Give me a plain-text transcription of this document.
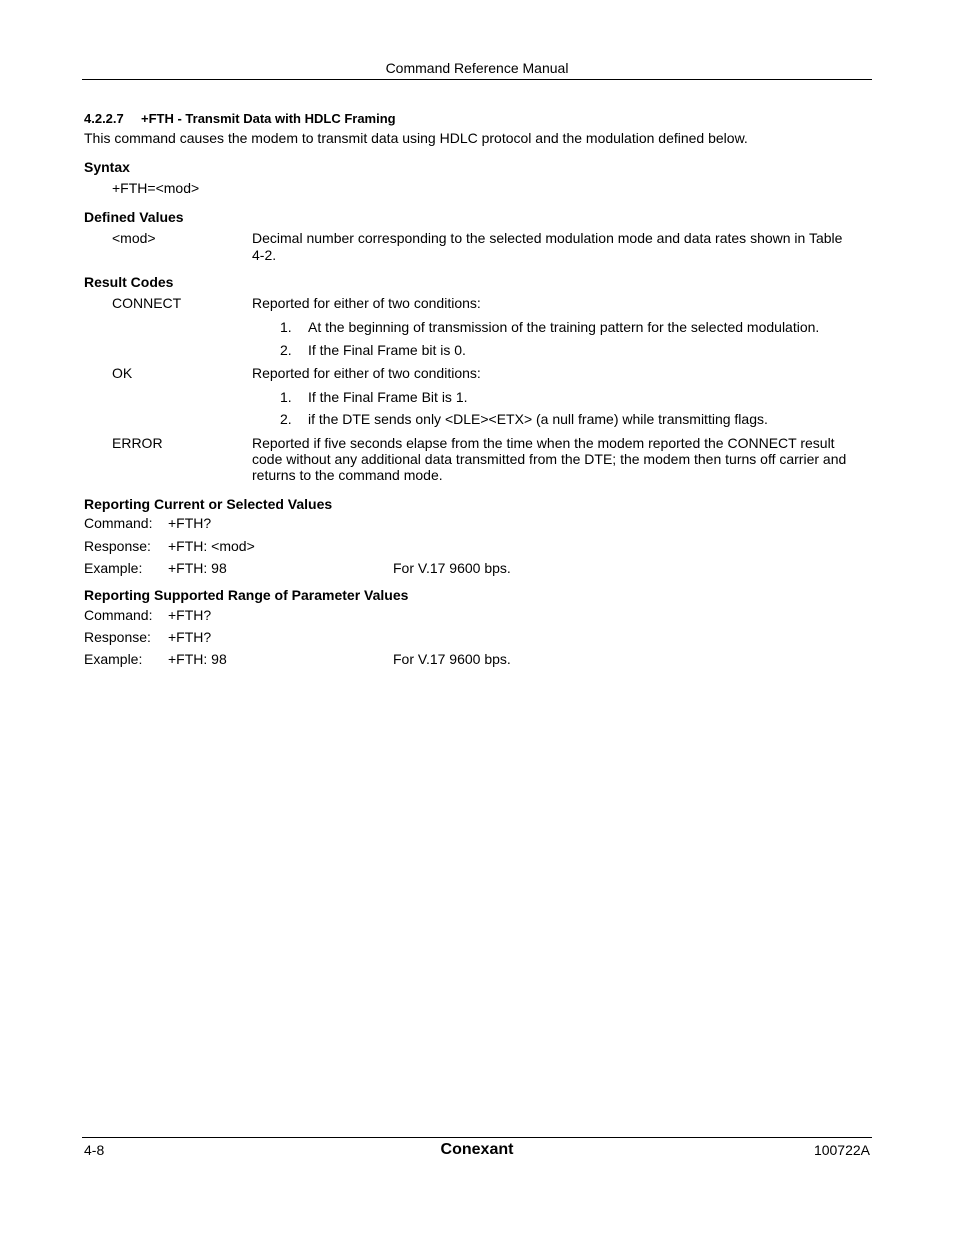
Command Reference Manual
4.2.2.7 +FTH - Transmit Data with HDLC Framing
This command causes the modem to transmit data using HDLC protocol and the modulation defined below.
Syntax
+FTH=<mod>
Defined Values
<mod>	Decimal number corresponding to the selected modulation mode and data rates shown in Table 4-2.
Result Codes
CONNECT	Reported for either of two conditions:
1. At the beginning of transmission of the training pattern for the selected modulation.
2. If the Final Frame bit is 0.
OK	Reported for either of two conditions:
1. If the Final Frame Bit is 1.
2. if the DTE sends only <DLE><ETX> (a null frame) while transmitting flags.
ERROR	Reported if five seconds elapse from the time when the modem reported the CONNECT result code without any additional data transmitted from the DTE; the modem then turns off carrier and returns to the command mode.
Reporting Current or Selected Values
Command: +FTH?
Response: +FTH: <mod>
Example: +FTH: 98	For V.17 9600 bps.
Reporting Supported Range of Parameter Values
Command: +FTH?
Response: +FTH?
Example: +FTH: 98	For V.17 9600 bps.
4-8	Conexant	100722A
